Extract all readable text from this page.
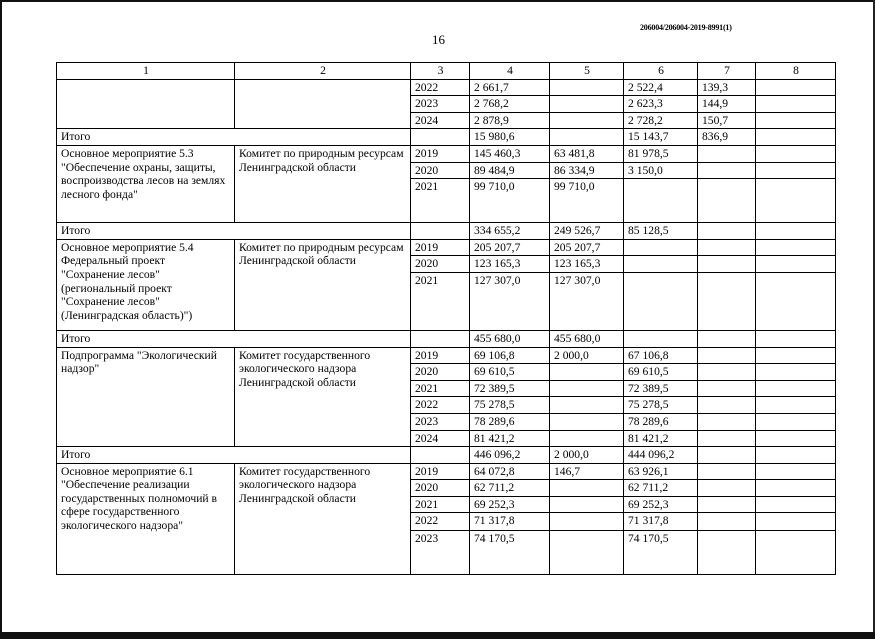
206004/206004-2019-8991(1)
16
1	2	3	4	5	6	7	8
		2022	2 661,7		2 522,4	139,3	
		2023	2 768,2		2 623,3	144,9	
		2024	2 878,9		2 728,2	150,7	
Итого			15 980,6		15 143,7	836,9	
Основное мероприятие 5.3 "Обеспечение охраны, защиты, воспроизводства лесов на землях лесного фонда"	Комитет по природным ресурсам Ленинградской области	2019	145 460,3	63 481,8	81 978,5		
		2020	89 484,9	86 334,9	3 150,0		
		2021	99 710,0	99 710,0			
Итого			334 655,2	249 526,7	85 128,5		
Основное мероприятие 5.4 Федеральный проект "Сохранение лесов" (региональный проект "Сохранение лесов" (Ленинградская область)")	Комитет по природным ресурсам Ленинградской области	2019	205 207,7	205 207,7			
		2020	123 165,3	123 165,3			
		2021	127 307,0	127 307,0			
Итого			455 680,0	455 680,0			
Подпрограмма "Экологический надзор"	Комитет государственного экологического надзора Ленинградской области	2019	69 106,8	2 000,0	67 106,8		
		2020	69 610,5		69 610,5		
		2021	72 389,5		72 389,5		
		2022	75 278,5		75 278,5		
		2023	78 289,6		78 289,6		
		2024	81 421,2		81 421,2		
Итого			446 096,2	2 000,0	444 096,2		
Основное мероприятие 6.1 "Обеспечение реализации государственных полномочий в сфере государственного экологического надзора"	Комитет государственного экологического надзора Ленинградской области	2019	64 072,8	146,7	63 926,1		
		2020	62 711,2		62 711,2		
		2021	69 252,3		69 252,3		
		2022	71 317,8		71 317,8		
		2023	74 170,5		74 170,5		
